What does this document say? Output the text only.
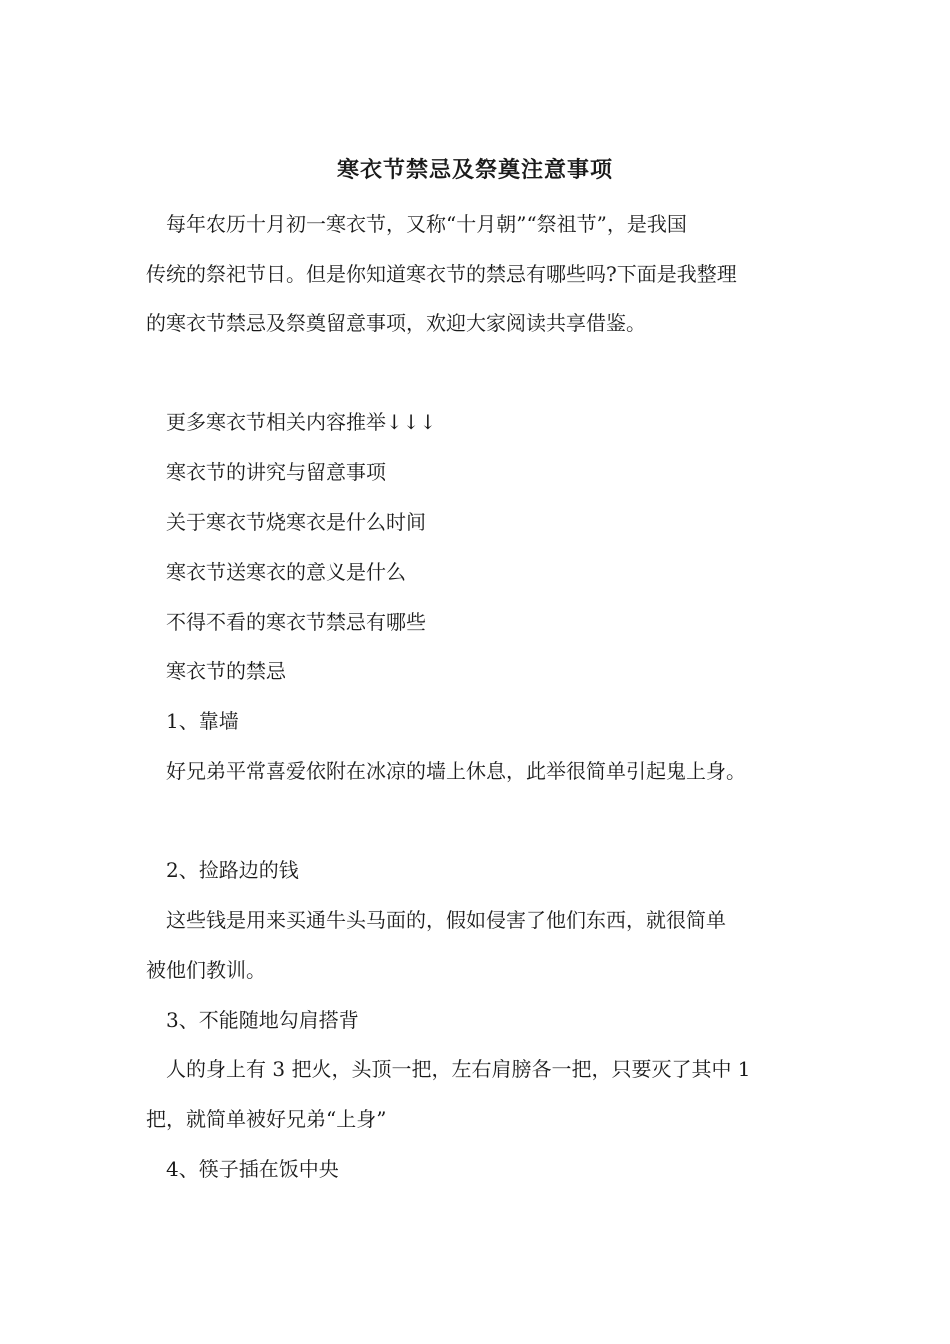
寒衣节禁忌及祭奠注意事项
每年农历十月初一寒衣节，又称“十月朝”“祭祖节”，是我国
传统的祭祀节日。但是你知道寒衣节的禁忌有哪些吗?下面是我整理
的寒衣节禁忌及祭奠留意事项，欢迎大家阅读共享借鉴。
更多寒衣节相关内容推举↓↓↓
寒衣节的讲究与留意事项
关于寒衣节烧寒衣是什么时间
寒衣节送寒衣的意义是什么
不得不看的寒衣节禁忌有哪些
寒衣节的禁忌
1、靠墙
好兄弟平常喜爱依附在冰凉的墙上休息，此举很简单引起鬼上身。
2、捡路边的钱
这些钱是用来买通牛头马面的，假如侵害了他们东西，就很简单
被他们教训。
3、不能随地勾肩搭背
人的身上有 3 把火，头顶一把，左右肩膀各一把，只要灭了其中 1
把，就简单被好兄弟“上身”
4、筷子插在饭中央
